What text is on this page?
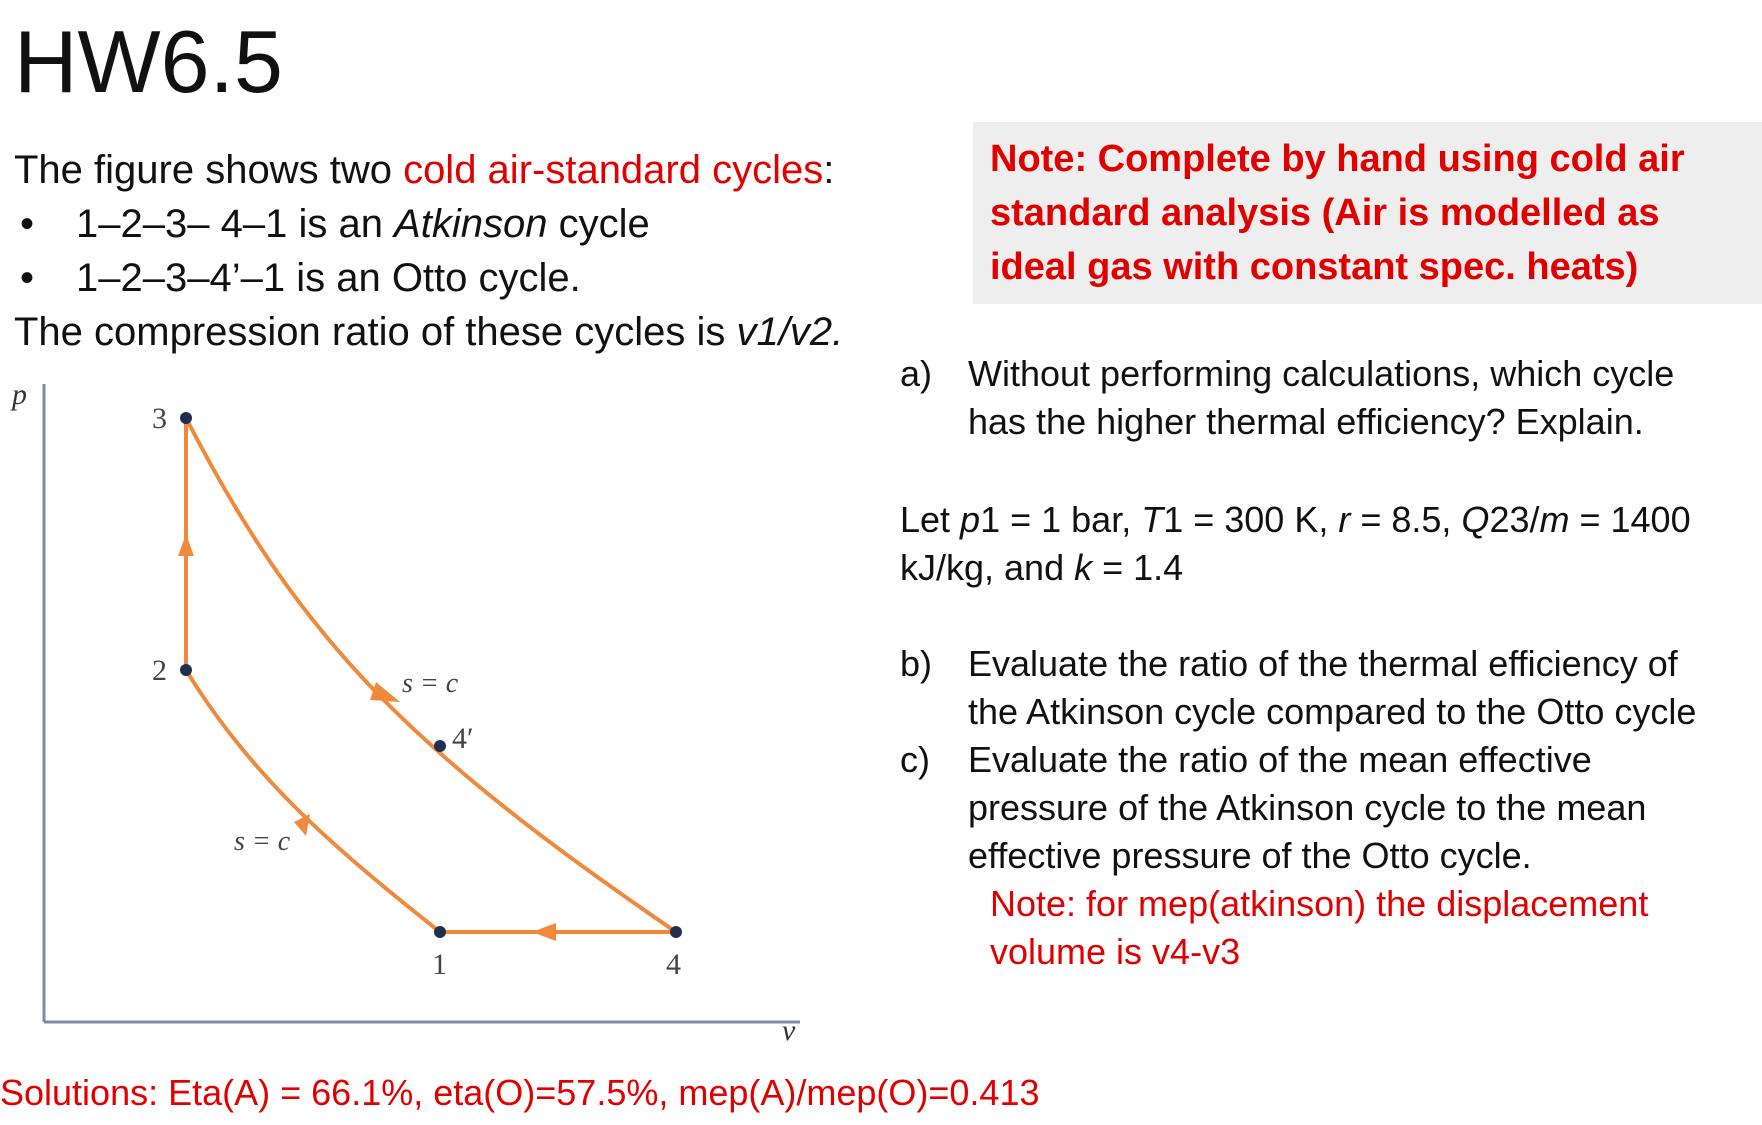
HW6.5
The figure shows two cold air-standard cycles:
•	1–2–3– 4–1 is an Atkinson cycle
•	1–2–3–4’–1 is an Otto cycle.
The compression ratio of these cycles is v1/v2.
Note: Complete by hand using cold air standard analysis (Air is modelled as ideal gas with constant spec. heats)
a) Without performing calculations, which cycle has the higher thermal efficiency? Explain.
Let p1 = 1 bar, T1 = 300 K, r = 8.5, Q23/m = 1400 kJ/kg, and k = 1.4
b) Evaluate the ratio of the thermal efficiency of the Atkinson cycle compared to the Otto cycle
c)	Evaluate the ratio of the mean effective pressure of the Atkinson cycle to the mean effective pressure of the Otto cycle.
Note: for mep(atkinson) the displacement volume is v4-v3
p
v
3
2
1	4
4′
s = c
s = c
Solutions: Eta(A) = 66.1%, eta(O)=57.5%, mep(A)/mep(O)=0.413
